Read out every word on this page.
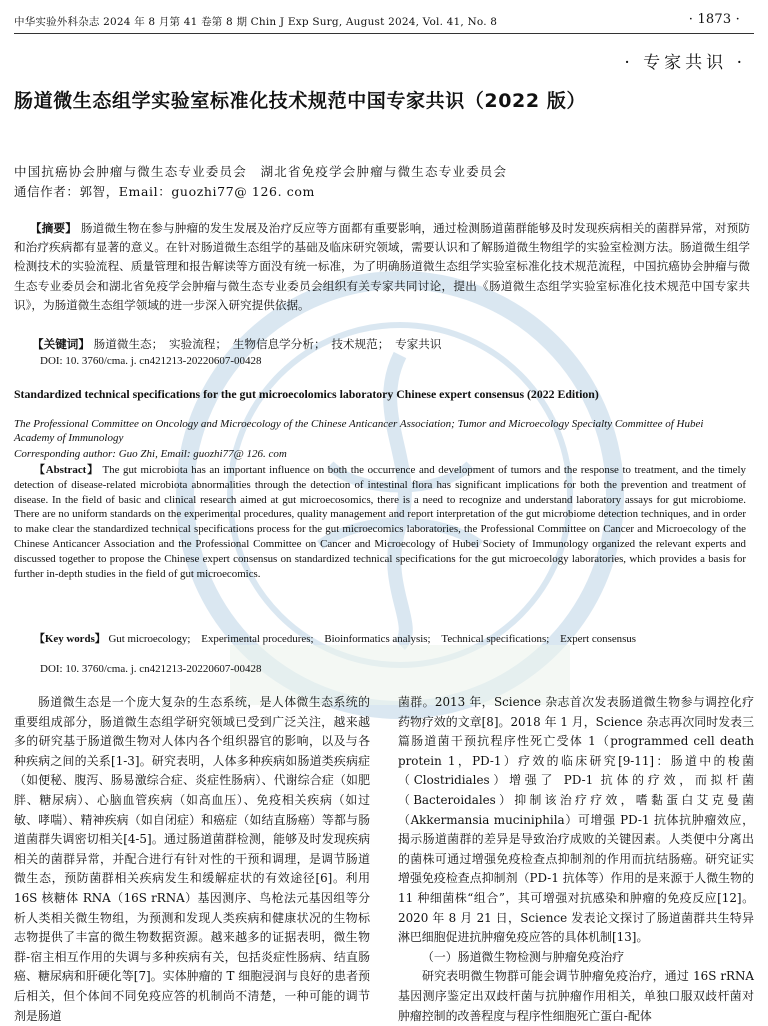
中华实验外科杂志 2024 年 8 月第 41 卷第 8 期 Chin J Exp Surg, August 2024, Vol. 41, No. 8	· 1873 ·
· 专家共识 ·
肠道微生态组学实验室标准化技术规范中国专家共识（2022 版）
中国抗癌协会肿瘤与微生态专业委员会　湖北省免疫学会肿瘤与微生态专业委员会
通信作者：郭智，Email：guozhi77@ 126. com
【摘要】 肠道微生物在参与肿瘤的发生发展及治疗反应等方面都有重要影响，通过检测肠道菌群能够及时发现疾病相关的菌群异常，对预防和治疗疾病都有显著的意义。在针对肠道微生态组学的基础及临床研究领域，需要认识和了解肠道微生物组学的实验室检测方法。肠道微生组学检测技术的实验流程、质量管理和报告解读等方面没有统一标准，为了明确肠道微生态组学实验室标准化技术规范流程，中国抗癌协会肿瘤与微生态专业委员会和湖北省免疫学会肿瘤与微生态专业委员会组织有关专家共同讨论，提出《肠道微生态组学实验室标准化技术规范中国专家共识》，为肠道微生态组学领域的进一步深入研究提供依据。
【关键词】 肠道微生态；　实验流程；　生物信息学分析；　技术规范；　专家共识
DOI: 10. 3760/cma. j. cn421213-20220607-00428
Standardized technical specifications for the gut microecolomics laboratory Chinese expert consensus (2022 Edition)
The Professional Committee on Oncology and Microecology of the Chinese Anticancer Association; Tumor and Microecology Specialty Committee of Hubei Academy of Immunology
Corresponding author: Guo Zhi, Email: guozhi77@ 126. com
【Abstract】 The gut microbiota has an important influence on both the occurrence and development of tumors and the response to treatment, and the timely detection of disease-related microbiota abnormalities through the detection of intestinal flora has significant implications for both the prevention and treatment of disease. In the field of basic and clinical research aimed at gut microecosomics, there is a need to recognize and understand laboratory assays for gut microbiome. There are no uniform standards on the experimental procedures, quality management and report interpretation of the gut microbiome detection techniques, and in order to make clear the standardized technical specifications process for the gut microecomics laboratories, the Professional Committee on Cancer and Microecology of the Chinese Anticancer Association and the Professional Committee on Cancer and Microecology of Hubei Society of Immunology organized the relevant experts and discussed together to propose the Chinese expert consensus on standardized technical specifications for the gut microecology laboratories, which provides a basis for further in-depth studies in the field of gut microecomics.
【Key words】 Gut microecology;　Experimental procedures;　Bioinformatics analysis;　Technical specifications;　Expert consensus
DOI: 10. 3760/cma. j. cn421213-20220607-00428
肠道微生态是一个庞大复杂的生态系统，是人体微生态系统的重要组成部分，肠道微生态组学研究领域已受到广泛关注，越来越多的研究基于肠道微生物对人体内各个组织器官的影响，以及与各种疾病之间的关系[1-3]。研究表明，人体多种疾病如肠道类疾病症（如便秘、腹泻、肠易激综合症、炎症性肠病）、代谢综合症（如肥胖、糖尿病）、心脑血管疾病（如高血压）、免疫相关疾病（如过敏、哮喘）、精神疾病（如自闭症）和癌症（如结直肠癌）等都与肠道菌群失调密切相关[4-5]。通过肠道菌群检测，能够及时发现疾病相关的菌群异常，并配合进行有针对性的干预和调理，是调节肠道微生态，预防菌群相关疾病发生和缓解症状的有效途径[6]。利用 16S 核糖体 RNA（16S rRNA）基因测序、鸟枪法元基因组等分析人类相关微生物组，为预测和发现人类疾病和健康状况的生物标志物提供了丰富的微生物数据资源。越来越多的证据表明，微生物群-宿主相互作用的失调与多种疾病有关，包括炎症性肠病、结直肠癌、糖尿病和肝硬化等[7]。实体肿瘤的 T 细胞浸润与良好的患者预后相关，但个体间不同免疫应答的机制尚不清楚，一种可能的调节剂是肠道

菌群。2013 年，Science 杂志首次发表肠道微生物参与调控化疗药物疗效的文章[8]。2018 年 1 月，Science 杂志再次同时发表三篇肠道菌干预抗程序性死亡受体 1（programmed cell death protein 1，PD-1）疗效的临床研究[9-11]：肠道中的梭菌（Clostridiales）增强了 PD-1 抗体的疗效，而拟杆菌（Bacteroidales）抑制该治疗疗效，嗜黏蛋白艾克曼菌（Akkermansia muciniphila）可增强 PD-1 抗体抗肿瘤效应，揭示肠道菌群的差异是导致治疗成败的关键因素。人类便中分离出的菌株可通过增强免疫检查点抑制剂的作用而抗结肠癌。研究证实增强免疫检查点抑制剂（PD-1 抗体等）作用的是来源于人微生物的 11 种细菌株“组合”，其可增强对抗感染和肿瘤的免疫反应[12]。2020 年 8 月 21 日，Science 发表论文探讨了肠道菌群共生特异淋巴细胞促进抗肿瘤免疫应答的具体机制[13]。

（一）肠道微生物检测与肿瘤免疫治疗

研究表明微生物群可能会调节肿瘤免疫治疗，通过 16S rRNA 基因测序鉴定出双歧杆菌与抗肿瘤作用相关，单独口服双歧杆菌对肿瘤控制的改善程度与程序性细胞死亡蛋白-配体
